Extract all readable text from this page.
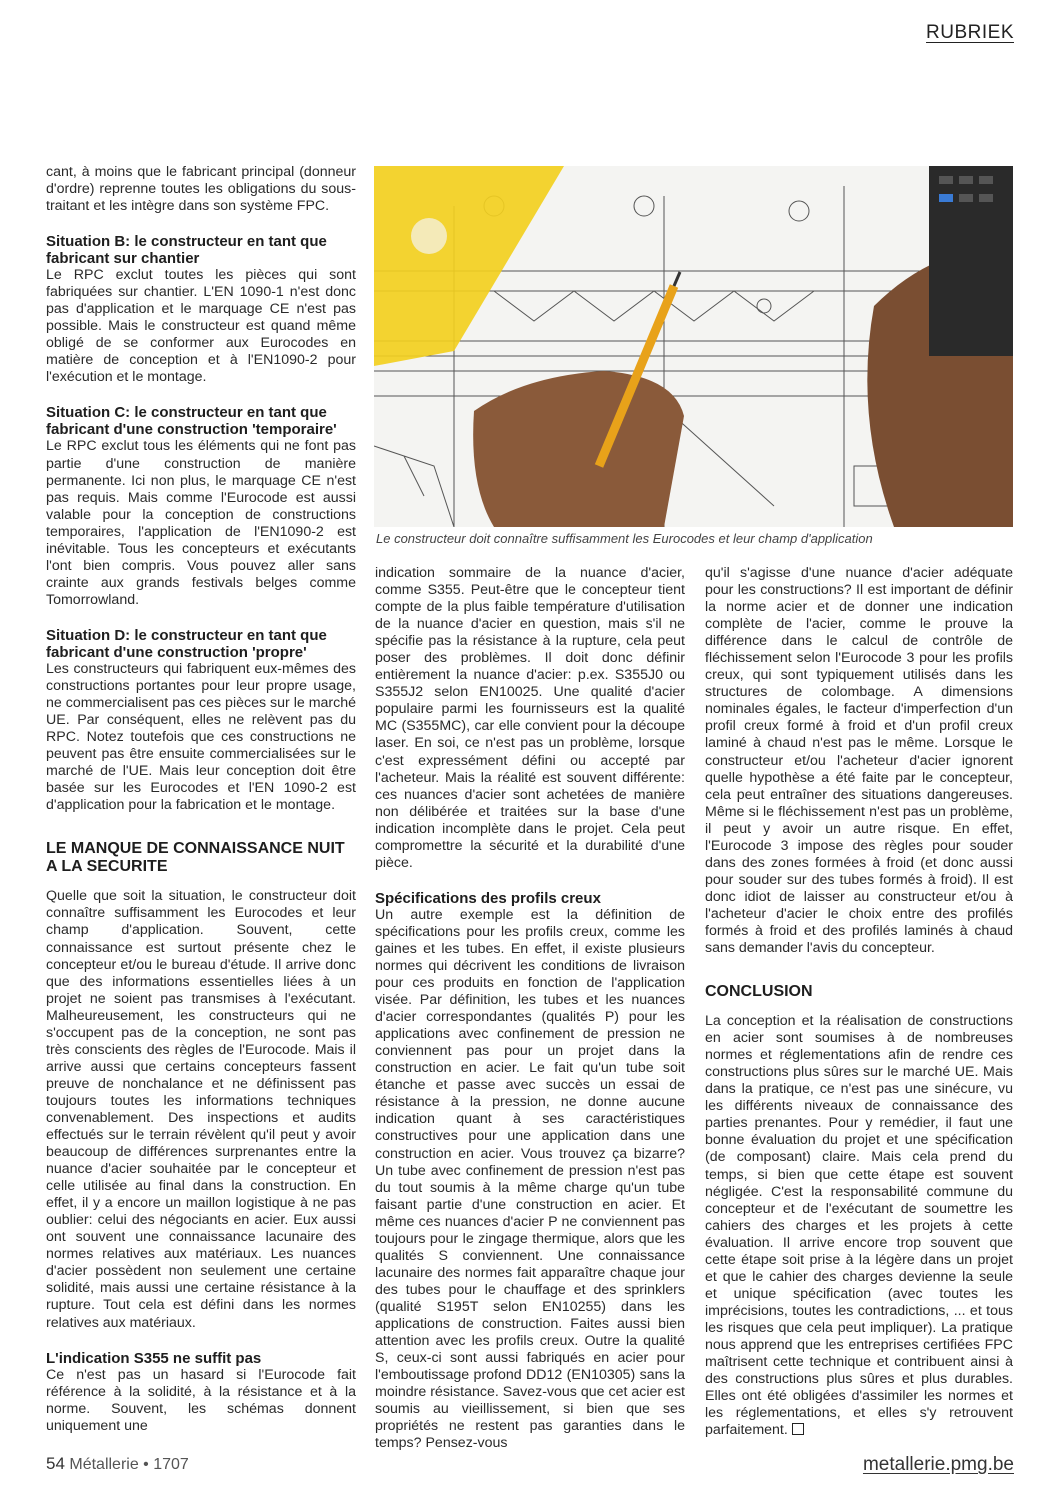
RUBRIEK

cant, à moins que le fabricant principal (donneur d'ordre) reprenne toutes les obligations du sous-traitant et les intègre dans son système FPC.

Situation B: le constructeur en tant que fabricant sur chantier

Le RPC exclut toutes les pièces qui sont fabriquées sur chantier. L'EN 1090-1 n'est donc pas d'application et le marquage CE n'est pas possible. Mais le constructeur est quand même obligé de se conformer aux Eurocodes en matière de conception et à l'EN1090-2 pour l'exécution et le montage.

Situation C: le constructeur en tant que fabricant d'une construction 'temporaire'

Le RPC exclut tous les éléments qui ne font pas partie d'une construction de manière permanente. Ici non plus, le marquage CE n'est pas requis. Mais comme l'Eurocode est aussi valable pour la conception de constructions temporaires, l'application de l'EN1090-2 est inévitable. Tous les concepteurs et exécutants l'ont bien compris. Vous pouvez aller sans crainte aux grands festivals belges comme Tomorrowland.

Situation D: le constructeur en tant que fabricant d'une construction 'propre'

Les constructeurs qui fabriquent eux-mêmes des constructions portantes pour leur propre usage, ne commercialisent pas ces pièces sur le marché UE. Par conséquent, elles ne relèvent pas du RPC. Notez toutefois que ces constructions ne peuvent pas être ensuite commercialisées sur le marché de l'UE. Mais leur conception doit être basée sur les Eurocodes et l'EN 1090-2 est d'application pour la fabrication et le montage.

LE MANQUE DE CONNAISSANCE NUIT A LA SECURITE

Quelle que soit la situation, le constructeur doit connaître suffisamment les Eurocodes et leur champ d'application. Souvent, cette connaissance est surtout présente chez le concepteur et/ou le bureau d'étude. Il arrive donc que des informations essentielles liées à un projet ne soient pas transmises à l'exécutant. Malheureusement, les constructeurs qui ne s'occupent pas de la conception, ne sont pas très conscients des règles de l'Eurocode. Mais il arrive aussi que certains concepteurs fassent preuve de nonchalance et ne définissent pas toujours toutes les informations techniques convenablement. Des inspections et audits effectués sur le terrain révèlent qu'il peut y avoir beaucoup de différences surprenantes entre la nuance d'acier souhaitée par le concepteur et celle utilisée au final dans la construction. En effet, il y a encore un maillon logistique à ne pas oublier: celui des négociants en acier. Eux aussi ont souvent une connaissance lacunaire des normes relatives aux matériaux. Les nuances d'acier possèdent non seulement une certaine solidité, mais aussi une certaine résistance à la rupture. Tout cela est défini dans les normes relatives aux matériaux.

L'indication S355 ne suffit pas

Ce n'est pas un hasard si l'Eurocode fait référence à la solidité, à la résistance et à la norme. Souvent, les schémas donnent uniquement une

Le constructeur doit connaître suffisamment les Eurocodes et leur champ d'application

indication sommaire de la nuance d'acier, comme S355. Peut-être que le concepteur tient compte de la plus faible température d'utilisation de la nuance d'acier en question, mais s'il ne spécifie pas la résistance à la rupture, cela peut poser des problèmes. Il doit donc définir entièrement la nuance d'acier: p.ex. S355J0 ou S355J2 selon EN10025. Une qualité d'acier populaire parmi les fournisseurs est la qualité MC (S355MC), car elle convient pour la découpe laser. En soi, ce n'est pas un problème, lorsque c'est expressément défini ou accepté par l'acheteur. Mais la réalité est souvent différente: ces nuances d'acier sont achetées de manière non délibérée et traitées sur la base d'une indication incomplète dans le projet. Cela peut compromettre la sécurité et la durabilité d'une pièce.

Spécifications des profils creux

Un autre exemple est la définition de spécifications pour les profils creux, comme les gaines et les tubes. En effet, il existe plusieurs normes qui décrivent les conditions de livraison pour ces produits en fonction de l'application visée. Par définition, les tubes et les nuances d'acier correspondantes (qualités P) pour les applications avec confinement de pression ne conviennent pas pour un projet dans la construction en acier. Le fait qu'un tube soit étanche et passe avec succès un essai de résistance à la pression, ne donne aucune indication quant à ses caractéristiques constructives pour une application dans une construction en acier. Vous trouvez ça bizarre? Un tube avec confinement de pression n'est pas du tout soumis à la même charge qu'un tube faisant partie d'une construction en acier. Et même ces nuances d'acier P ne conviennent pas toujours pour le zingage thermique, alors que les qualités S conviennent. Une connaissance lacunaire des normes fait apparaître chaque jour des tubes pour le chauffage et des sprinklers (qualité S195T selon EN10255) dans les applications de construction. Faites aussi bien attention avec les profils creux. Outre la qualité S, ceux-ci sont aussi fabriqués en acier pour l'emboutissage profond DD12 (EN10305) sans la moindre résistance. Savez-vous que cet acier est soumis au vieillissement, si bien que ses propriétés ne restent pas garanties dans le temps? Pensez-vous

qu'il s'agisse d'une nuance d'acier adéquate pour les constructions? Il est important de définir la norme acier et de donner une indication complète de l'acier, comme le prouve la différence dans le calcul de contrôle de fléchissement selon l'Eurocode 3 pour les profils creux, qui sont typiquement utilisés dans les structures de colombage. A dimensions nominales égales, le facteur d'imperfection d'un profil creux formé à froid et d'un profil creux laminé à chaud n'est pas le même. Lorsque le constructeur et/ou l'acheteur d'acier ignorent quelle hypothèse a été faite par le concepteur, cela peut entraîner des situations dangereuses. Même si le fléchissement n'est pas un problème, il peut y avoir un autre risque. En effet, l'Eurocode 3 impose des règles pour souder dans des zones formées à froid (et donc aussi pour souder sur des tubes formés à froid). Il est donc idiot de laisser au constructeur et/ou à l'acheteur d'acier le choix entre des profilés formés à froid et des profilés laminés à chaud sans demander l'avis du concepteur.

CONCLUSION

La conception et la réalisation de constructions en acier sont soumises à de nombreuses normes et réglementations afin de rendre ces constructions plus sûres sur le marché UE. Mais dans la pratique, ce n'est pas une sinécure, vu les différents niveaux de connaissance des parties prenantes. Pour y remédier, il faut une bonne évaluation du projet et une spécification (de composant) claire. Mais cela prend du temps, si bien que cette étape est souvent négligée. C'est la responsabilité commune du concepteur et de l'exécutant de soumettre les cahiers des charges et les projets à cette évaluation. Il arrive encore trop souvent que cette étape soit prise à la légère dans un projet et que le cahier des charges devienne la seule et unique spécification (avec toutes les imprécisions, toutes les contradictions, ... et tous les risques que cela peut impliquer). La pratique nous apprend que les entreprises certifiées FPC maîtrisent cette technique et contribuent ainsi à des constructions plus sûres et plus durables. Elles ont été obligées d'assimiler les normes et les réglementations, et elles s'y retrouvent parfaitement.

54 Métallerie • 1707	metallerie.pmg.be
